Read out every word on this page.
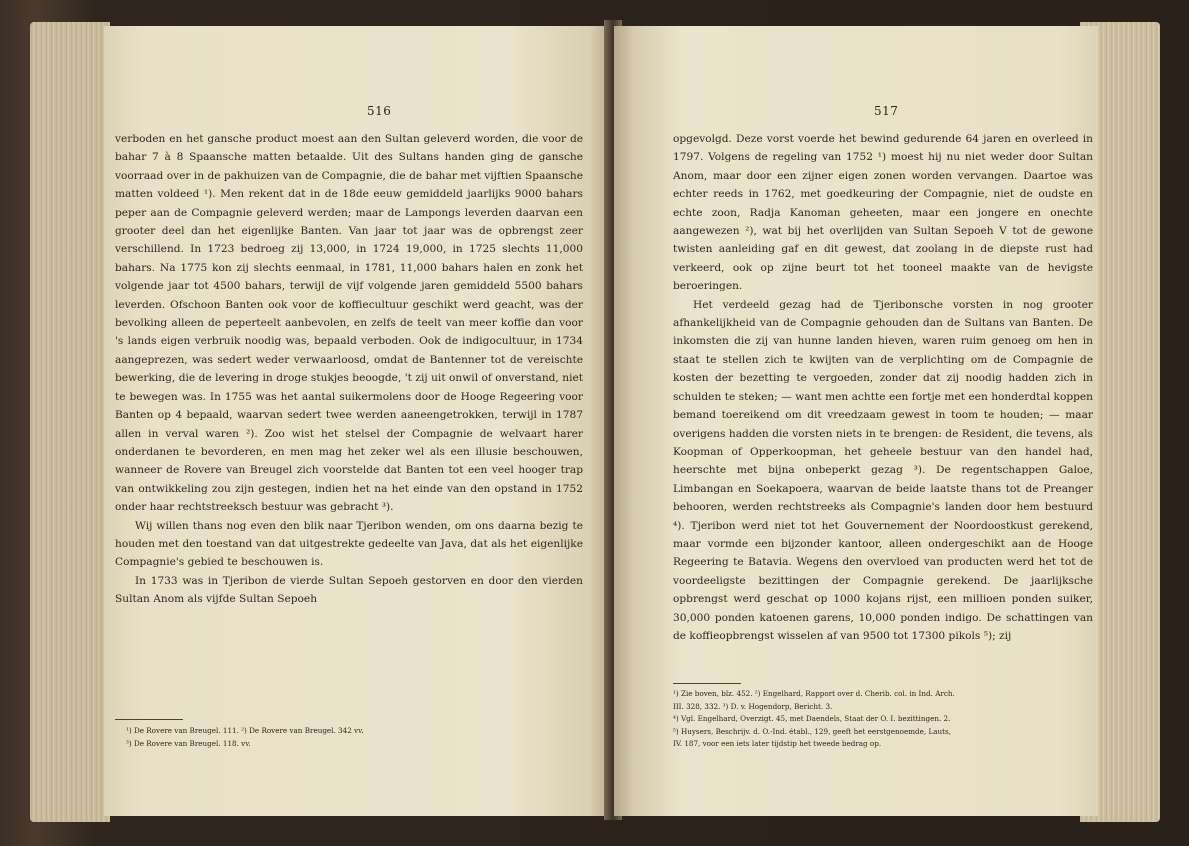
516

verboden en het gansche product moest aan den Sultan geleverd worden, die voor de bahar 7 à 8 Spaansche matten betaalde. Uit des Sultans handen ging de gansche voorraad over in de pakhuizen van de Compagnie, die de bahar met vijftien Spaansche matten voldeed ¹). Men rekent dat in de 18de eeuw gemiddeld jaarlijks 9000 bahars peper aan de Compagnie geleverd werden; maar de Lampongs leverden daarvan een grooter deel dan het eigenlijke Banten. Van jaar tot jaar was de opbrengst zeer verschillend. In 1723 bedroeg zij 13,000, in 1724 19,000, in 1725 slechts 11,000 bahars. Na 1775 kon zij slechts eenmaal, in 1781, 11,000 bahars halen en zonk het volgende jaar tot 4500 bahars, terwijl de vijf volgende jaren gemiddeld 5500 bahars leverden. Ofschoon Banten ook voor de koffiecultuur geschikt werd geacht, was der bevolking alleen de peperteelt aanbevolen, en zelfs de teelt van meer koffie dan voor 's lands eigen verbruik noodig was, bepaald verboden. Ook de indigocultuur, in 1734 aangeprezen, was sedert weder verwaarloosd, omdat de Bantenner tot de vereischte bewerking, die de levering in droge stukjes beoogde, 't zij uit onwil of onverstand, niet te bewegen was. In 1755 was het aantal suikermolens door de Hooge Regeering voor Banten op 4 bepaald, waarvan sedert twee werden aaneengetrokken, terwijl in 1787 allen in verval waren ²). Zoo wist het stelsel der Compagnie de welvaart harer onderdanen te bevorderen, en men mag het zeker wel als een illusie beschouwen, wanneer de Rovere van Breugel zich voorstelde dat Banten tot een veel hooger trap van ontwikkeling zou zijn gestegen, indien het na het einde van den opstand in 1752 onder haar rechtstreeksch bestuur was gebracht ³).

Wij willen thans nog even den blik naar Tjeribon wenden, om ons daarna bezig te houden met den toestand van dat uitgestrekte gedeelte van Java, dat als het eigenlijke Compagnie's gebied te beschouwen is.

In 1733 was in Tjeribon de vierde Sultan Sepoeh gestorven en door den vierden Sultan Anom als vijfde Sultan Sepoeh

¹) De Rovere van Breugel. 111. ²) De Rovere van Breugel. 342 vv.
³) De Rovere van Breugel. 118. vv.
517

opgevolgd. Deze vorst voerde het bewind gedurende 64 jaren en overleed in 1797. Volgens de regeling van 1752 ¹) moest hij nu niet weder door Sultan Anom, maar door een zijner eigen zonen worden vervangen. Daartoe was echter reeds in 1762, met goedkeuring der Compagnie, niet de oudste en echte zoon, Radja Kanoman geheeten, maar een jongere en onechte aangewezen ²), wat bij het overlijden van Sultan Sepoeh V tot de gewone twisten aanleiding gaf en dit gewest, dat zoolang in de diepste rust had verkeerd, ook op zijne beurt tot het tooneel maakte van de hevigste beroeringen.

Het verdeeld gezag had de Tjeribonsche vorsten in nog grooter afhankelijkheid van de Compagnie gehouden dan de Sultans van Banten. De inkomsten die zij van hunne landen hieven, waren ruim genoeg om hen in staat te stellen zich te kwijten van de verplichting om de Compagnie de kosten der bezetting te vergoeden, zonder dat zij noodig hadden zich in schulden te steken; — want men achtte een fortje met een honderdtal koppen bemand toereikend om dit vreedzaam gewest in toom te houden; — maar overigens hadden die vorsten niets in te brengen: de Resident, die tevens, als Koopman of Opperkoopman, het geheele bestuur van den handel had, heerschte met bijna onbeperkt gezag ³). De regentschappen Galoe, Limbangan en Soekapoera, waarvan de beide laatste thans tot de Preanger behooren, werden rechtstreeks als Compagnie's landen door hem bestuurd ⁴). Tjeribon werd niet tot het Gouvernement der Noordoostkust gerekend, maar vormde een bijzonder kantoor, alleen ondergeschikt aan de Hooge Regeering te Batavia. Wegens den overvloed van producten werd het tot de voordeeligste bezittingen der Compagnie gerekend. De jaarlijksche opbrengst werd geschat op 1000 kojans rijst, een millioen ponden suiker, 30,000 ponden katoenen garens, 10,000 ponden indigo. De schattingen van de koffieopbrengst wisselen af van 9500 tot 17300 pikols ⁵); zij

¹) Zie boven, blz. 452. ²) Engelhard, Rapport over d. Cherib. col. in Ind. Arch.
III. 328, 332. ³) D. v. Hogendorp, Bericht. 3.
⁴) Vgl. Engelhard, Overzigt. 45, met Daendels, Staat der O. I. bezittingen. 2.
⁵) Huysers, Beschrijv. d. O.-Ind. établ., 129, geeft het eerstgenoemde, Lauts,
IV. 187, voor een iets later tijdstip het tweede bedrag op.
